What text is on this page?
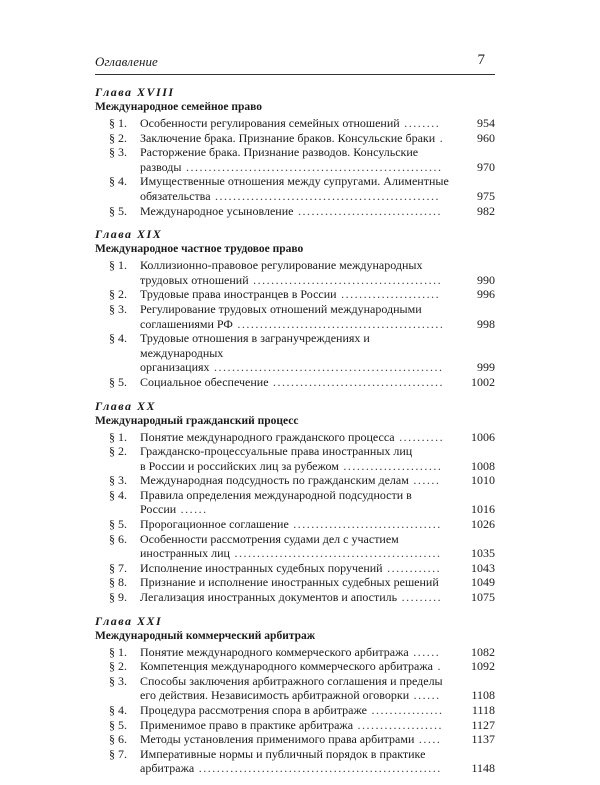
Оглавление	7
Глава XVIII
Международное семейное право
§ 1. Особенности регулирования семейных отношений ........	954
§ 2. Заключение брака. Признание браков. Консульские браки .	960
§ 3. Расторжение брака. Признание разводов. Консульские
разводы .........................................................	970
§ 4. Имущественные отношения между супругами. Алиментные
обязательства ..................................................	975
§ 5. Международное усыновление ................................	982
Глава XIX
Международное частное трудовое право
§ 1. Коллизионно-правовое регулирование международных
трудовых отношений ..........................................	990
§ 2. Трудовые права иностранцев в России ......................	996
§ 3. Регулирование трудовых отношений международными
соглашениями РФ ..............................................	998
§ 4. Трудовые отношения в загранучреждениях и международных
организациях ...................................................	999
§ 5. Социальное обеспечение ......................................	1002
Глава XX
Международный гражданский процесс
§ 1. Понятие международного гражданского процесса ..........	1006
§ 2. Гражданско-процессуальные права иностранных лиц
в России и российских лиц за рубежом ......................	1008
§ 3. Международная подсудность по гражданским делам ......	1010
§ 4. Правила определения международной подсудности в России ......	1016
§ 5. Пророгационное соглашение .................................	1026
§ 6. Особенности рассмотрения судами дел с участием
иностранных лиц ..............................................	1035
§ 7. Исполнение иностранных судебных поручений ............	1043
§ 8. Признание и исполнение иностранных судебных решений	1049
§ 9. Легализация иностранных документов и апостиль .........	1075
Глава XXI
Международный коммерческий арбитраж
§ 1. Понятие международного коммерческого арбитража ......	1082
§ 2. Компетенция международного коммерческого арбитража .	1092
§ 3. Способы заключения арбитражного соглашения и пределы
его действия. Независимость арбитражной оговорки ......	1108
§ 4. Процедура рассмотрения спора в арбитраже ................	1118
§ 5. Применимое право в практике арбитража ...................	1127
§ 6. Методы установления применимого права арбитрами .....	1137
§ 7. Императивные нормы и публичный порядок в практике
арбитража ......................................................	1148
